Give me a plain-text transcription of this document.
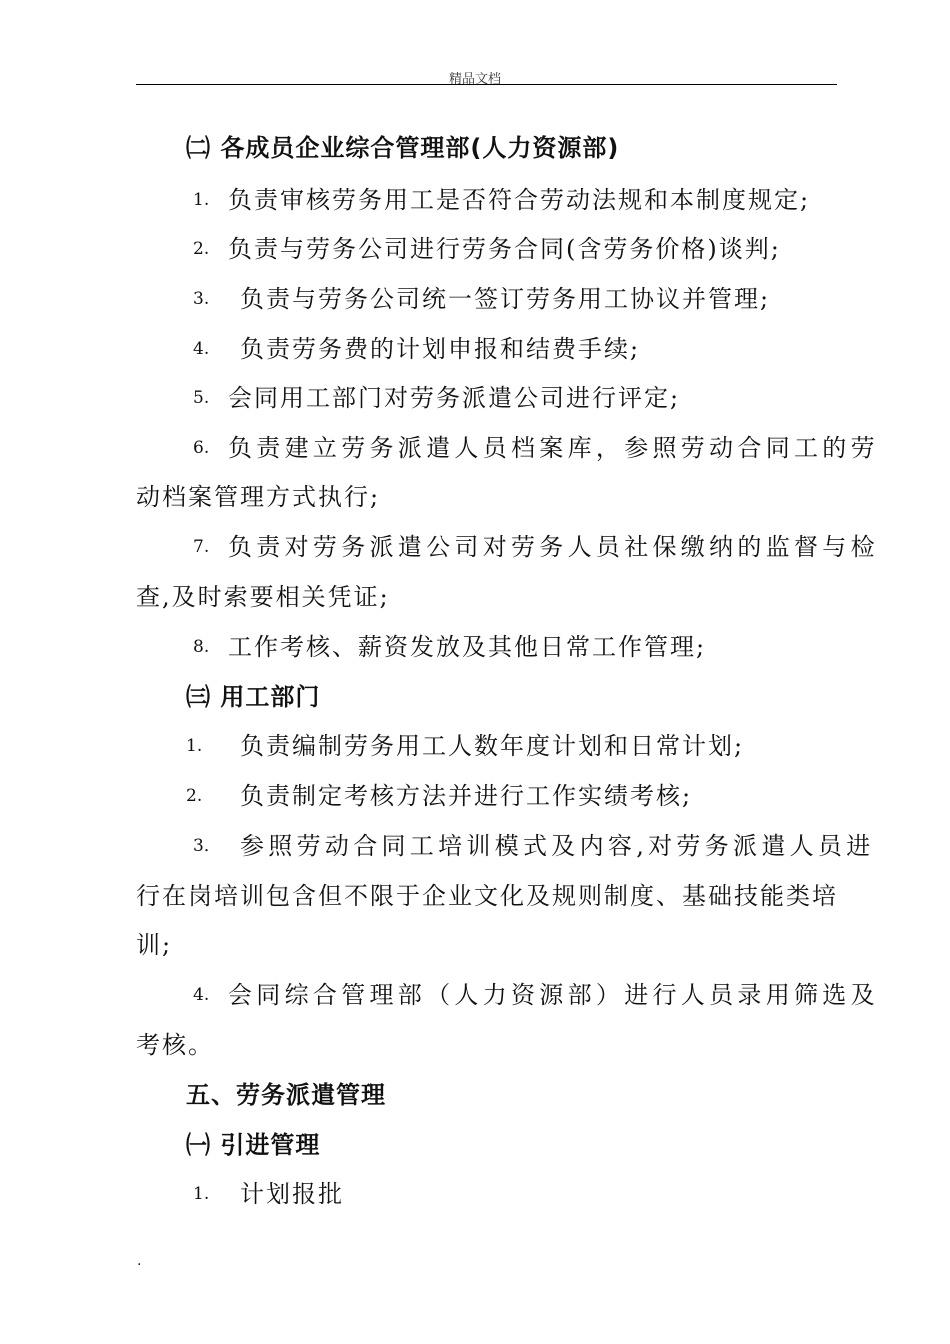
精品文档
㈡ 各成员企业综合管理部(人力资源部)
1. 负责审核劳务用工是否符合劳动法规和本制度规定;
2. 负责与劳务公司进行劳务合同(含劳务价格)谈判;
3. 负责与劳务公司统一签订劳务用工协议并管理;
4. 负责劳务费的计划申报和结费手续;
5. 会同用工部门对劳务派遣公司进行评定;
6. 负责建立劳务派遣人员档案库，参照劳动合同工的劳
动档案管理方式执行;
7. 负责对劳务派遣公司对劳务人员社保缴纳的监督与检
查,及时索要相关凭证;
8. 工作考核、薪资发放及其他日常工作管理;
㈢ 用工部门
1. 负责编制劳务用工人数年度计划和日常计划;
2. 负责制定考核方法并进行工作实绩考核;
3． 参照劳动合同工培训模式及内容,对劳务派遣人员进
行在岗培训包含但不限于企业文化及规则制度、基础技能类培
训;
4. 会同综合管理部（人力资源部）进行人员录用筛选及
考核。
五、劳务派遣管理
㈠ 引进管理
1. 计划报批
.
